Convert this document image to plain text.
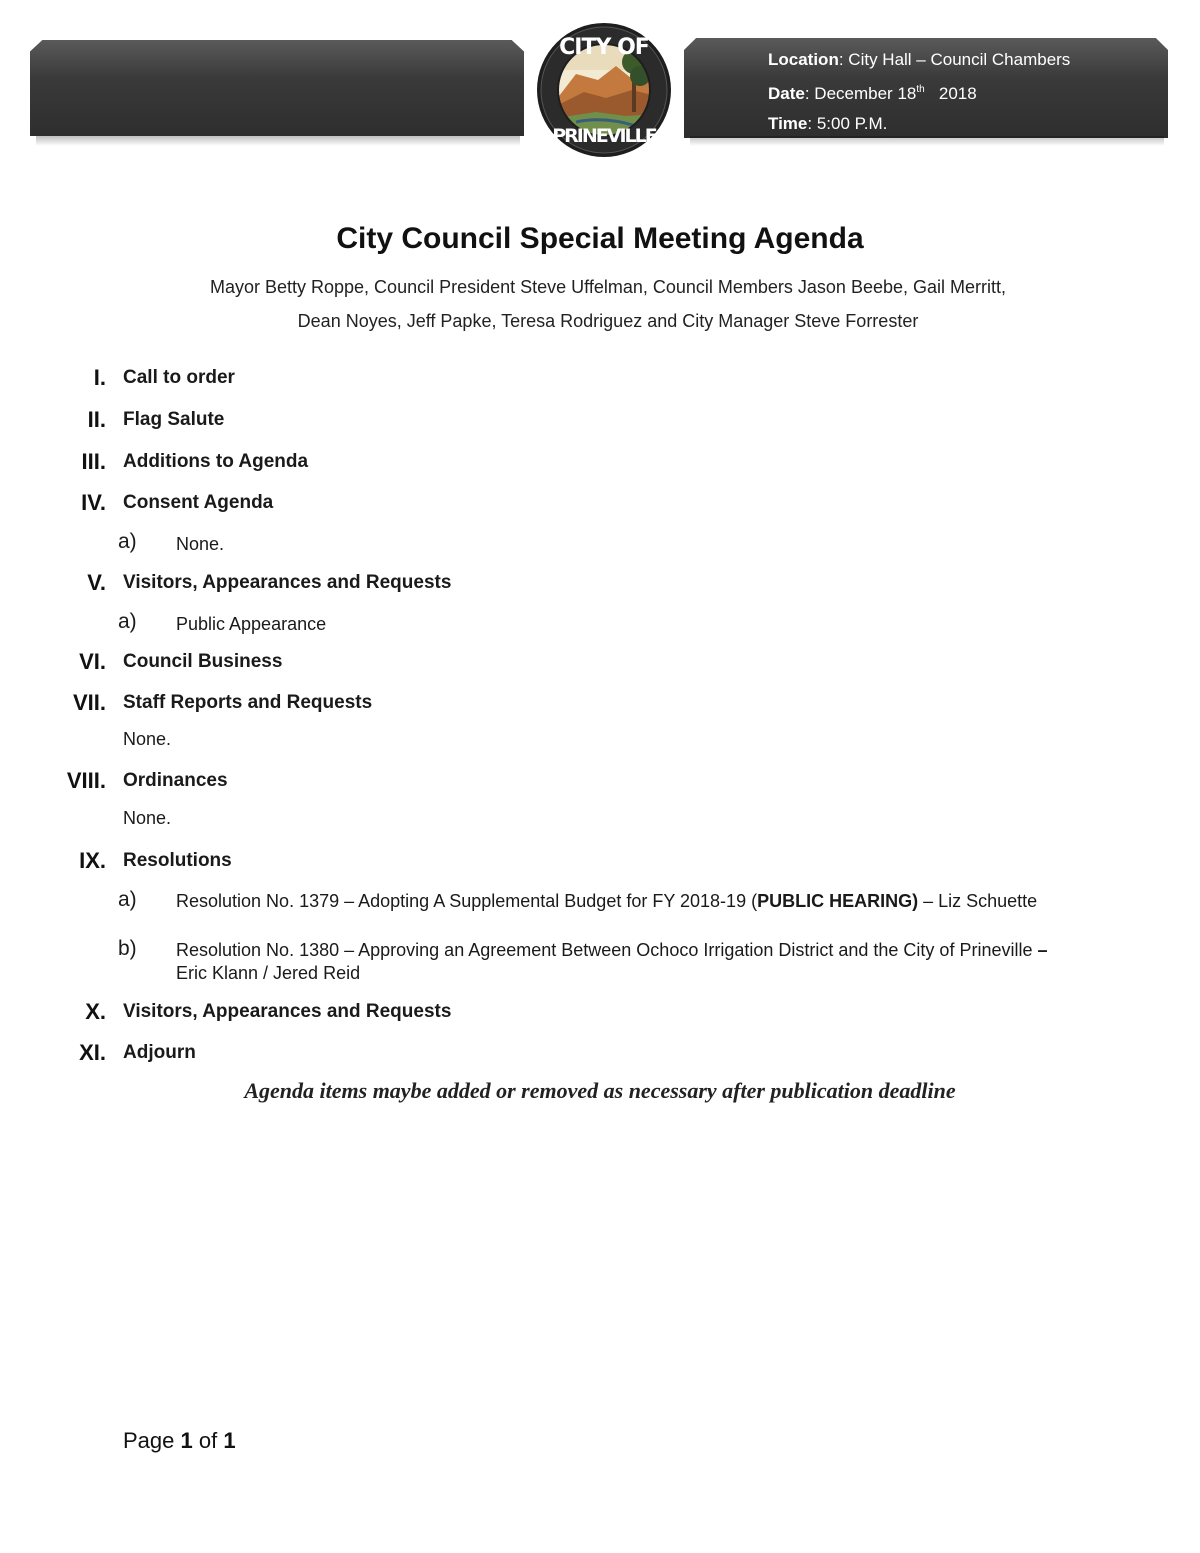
Location: City Hall – Council Chambers
Date: December 18th 2018
Time: 5:00 P.M.
CITY OF
PRINEVILLE
City Council Special Meeting Agenda
Mayor Betty Roppe, Council President Steve Uffelman, Council Members Jason Beebe, Gail Merritt,
Dean Noyes, Jeff Papke, Teresa Rodriguez and City Manager Steve Forrester
I. Call to order
II. Flag Salute
III. Additions to Agenda
IV. Consent Agenda
a) None.
V. Visitors, Appearances and Requests
a) Public Appearance
VI. Council Business
VII. Staff Reports and Requests
None.
VIII. Ordinances
None.
IX. Resolutions
a) Resolution No. 1379 – Adopting A Supplemental Budget for FY 2018-19 (PUBLIC HEARING) – Liz Schuette
b) Resolution No. 1380 – Approving an Agreement Between Ochoco Irrigation District and the City of Prineville – Eric Klann / Jered Reid
X. Visitors, Appearances and Requests
XI. Adjourn
Agenda items maybe added or removed as necessary after publication deadline
Page 1 of 1
